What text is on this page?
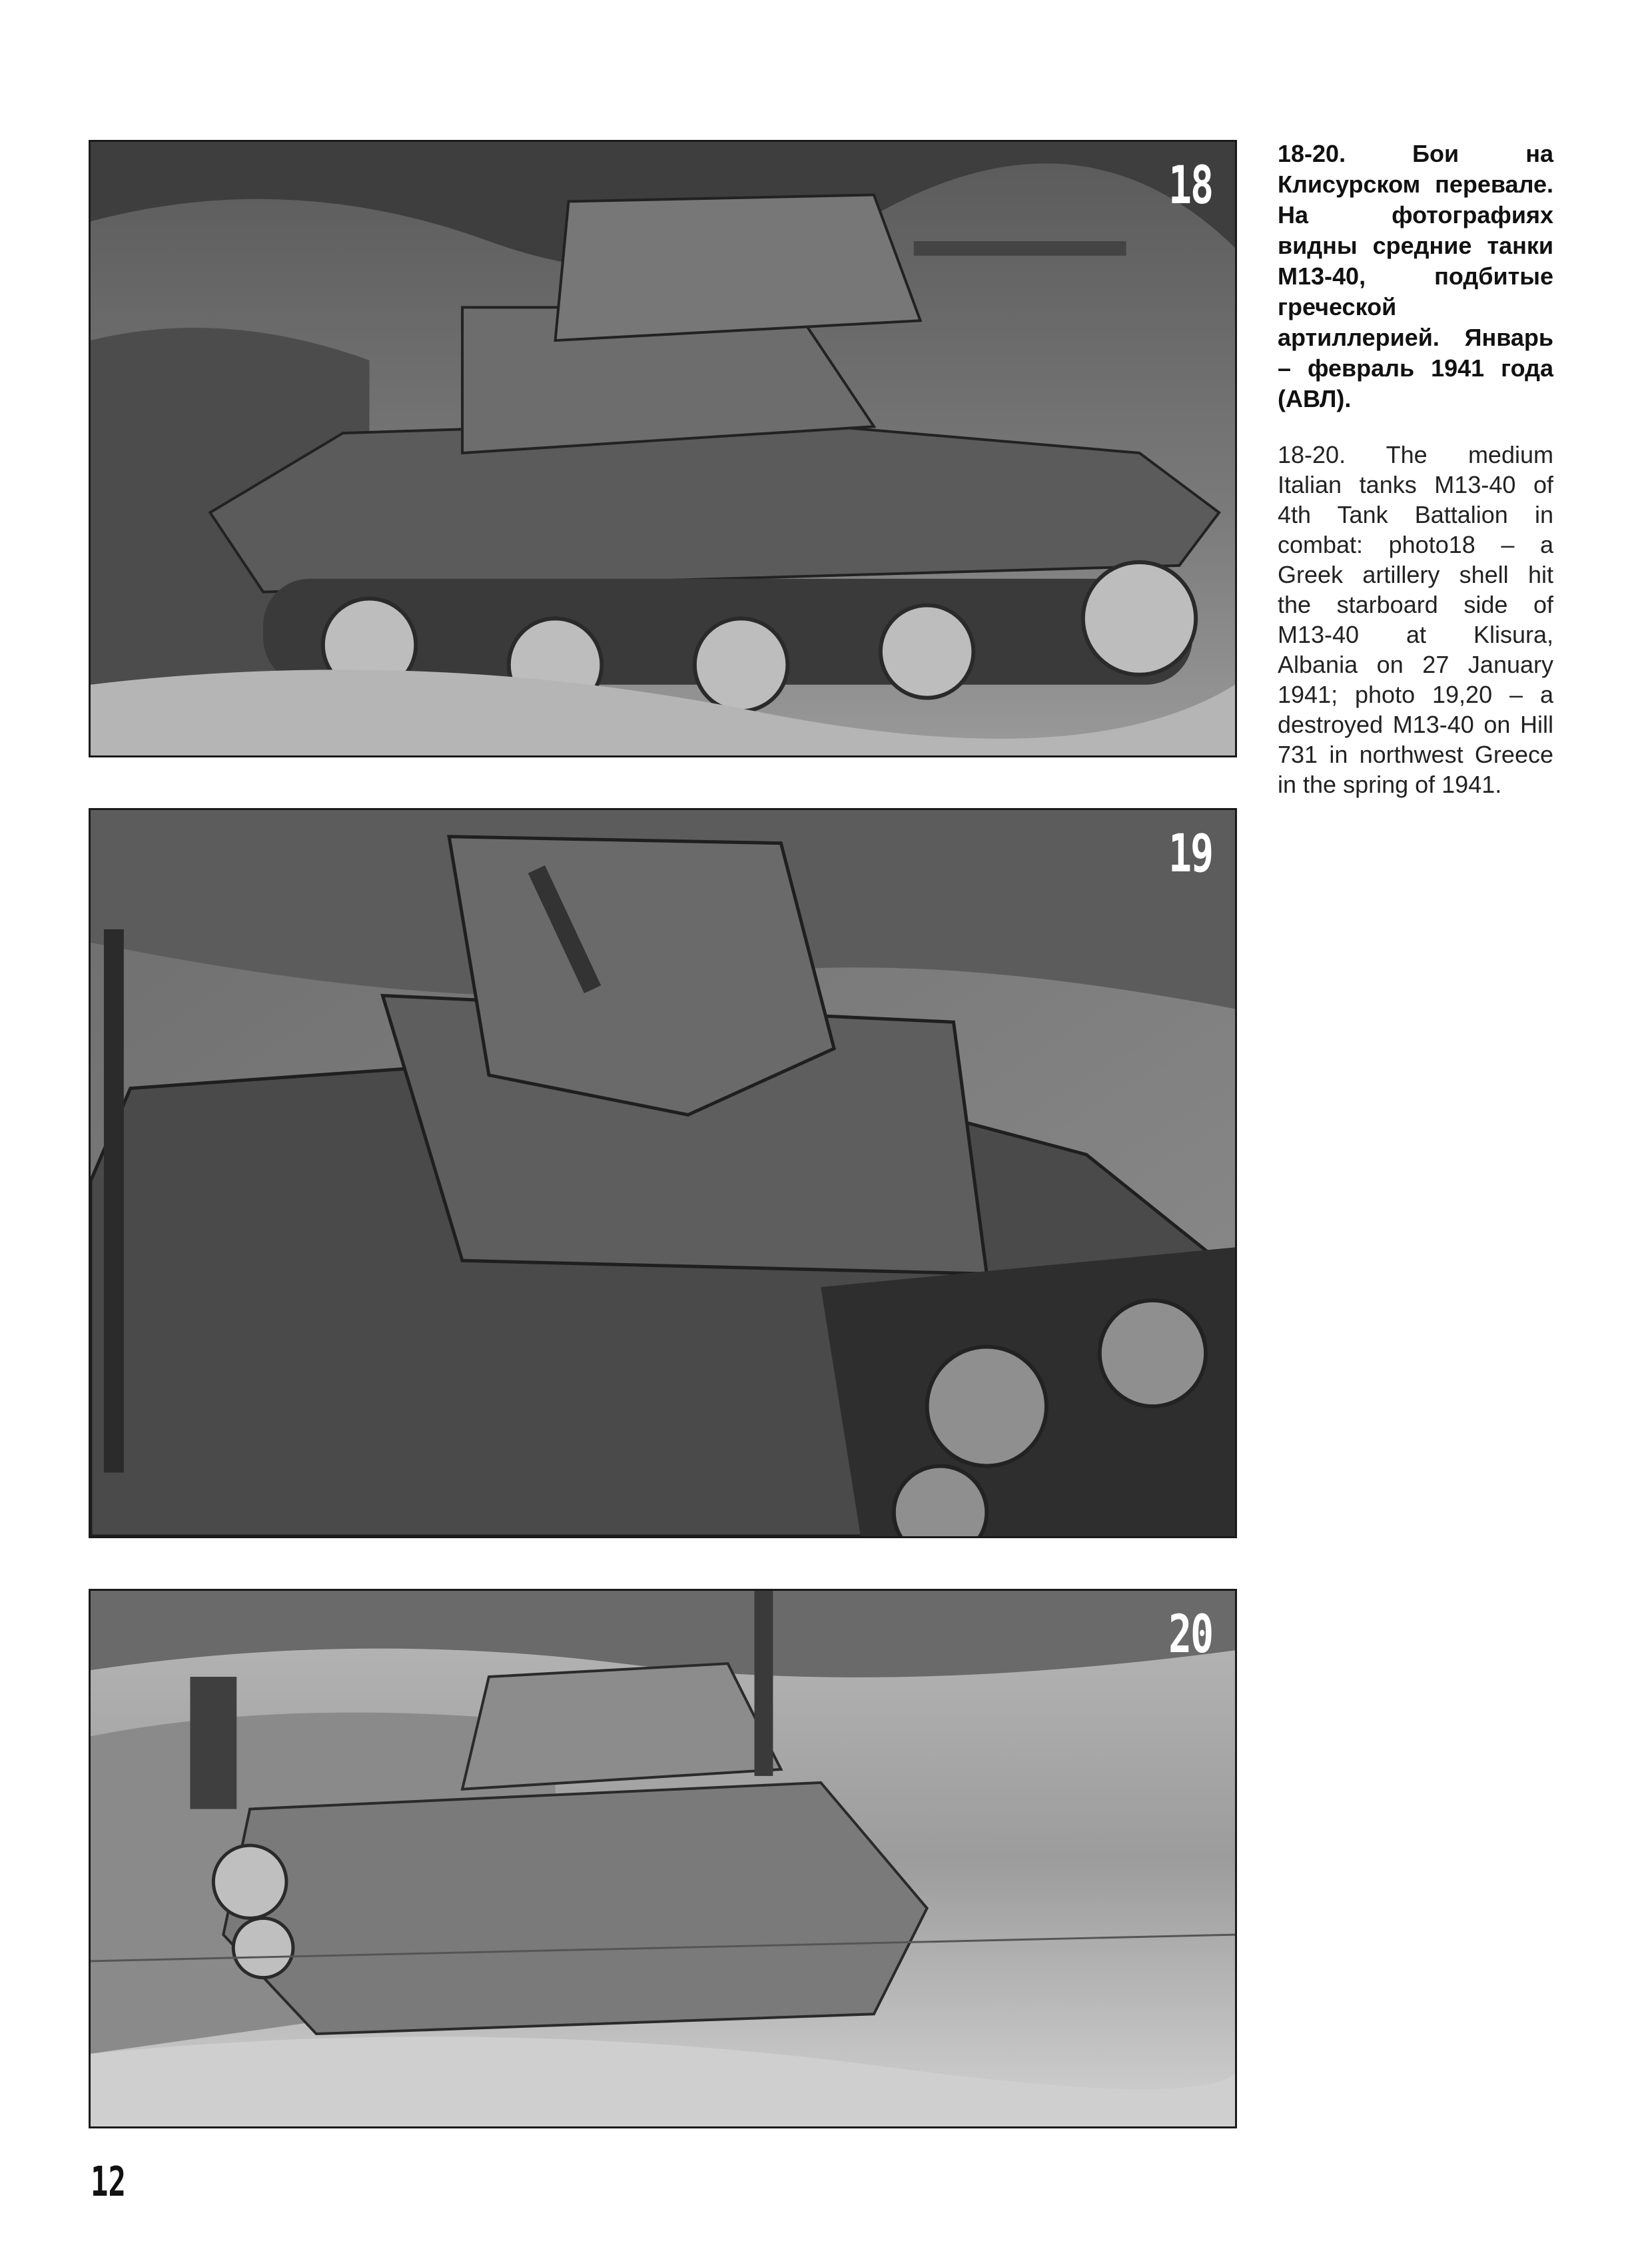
18
19
20

18-20. Бои на Клисурском перевале. На фотографиях видны средние танки М13-40, подбитые греческой артиллерией. Январь – февраль 1941 года (АВЛ).

18-20. The medium Italian tanks M13-40 of 4th Tank Battalion in combat: photo18 – a Greek artillery shell hit the starboard side of M13-40 at Klisura, Albania on 27 January 1941; photo 19,20 – a destroyed M13-40 on Hill 731 in northwest Greece in the spring of 1941.

12
